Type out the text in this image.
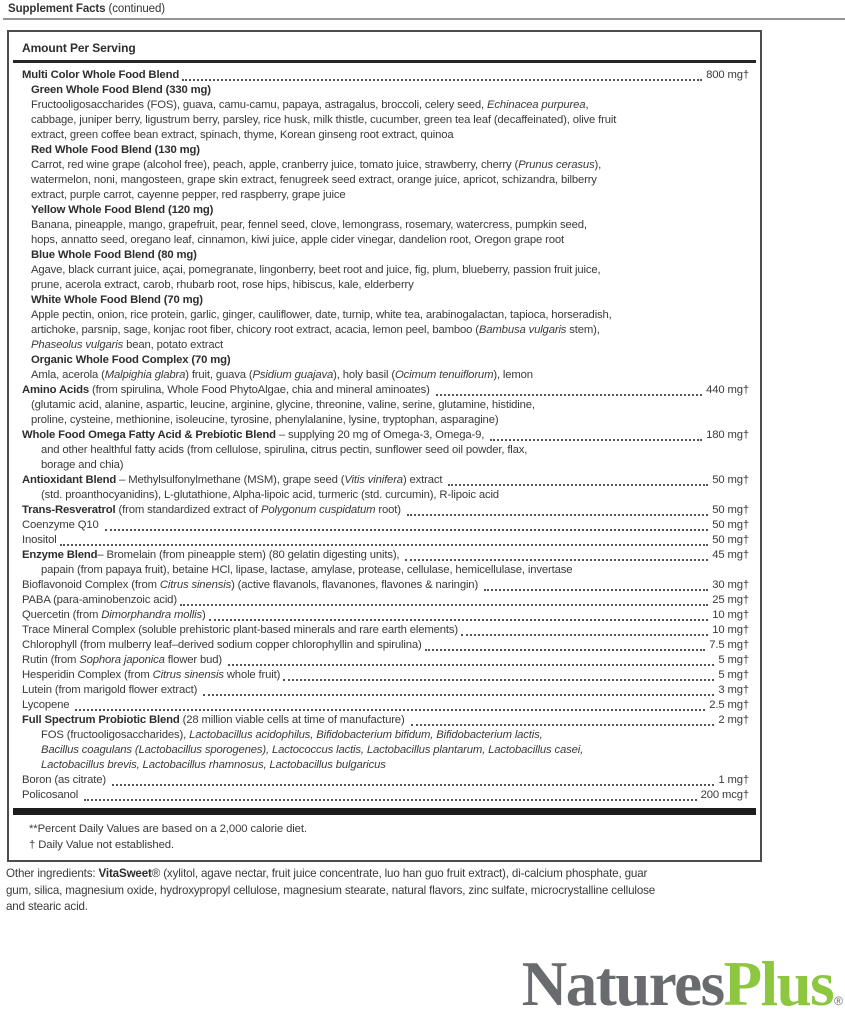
Supplement Facts (continued)
Amount Per Serving
Multi Color Whole Food Blend	800 mg†
Green Whole Food Blend (330 mg)
Fructooligosaccharides (FOS), guava, camu-camu, papaya, astragalus, broccoli, celery seed, Echinacea purpurea,
cabbage, juniper berry, ligustrum berry, parsley, rice husk, milk thistle, cucumber, green tea leaf (decaffeinated), olive fruit
extract, green coffee bean extract, spinach, thyme, Korean ginseng root extract, quinoa
Red Whole Food Blend (130 mg)
Carrot, red wine grape (alcohol free), peach, apple, cranberry juice, tomato juice, strawberry, cherry (Prunus cerasus),
watermelon, noni, mangosteen, grape skin extract, fenugreek seed extract, orange juice, apricot, schizandra, bilberry
extract, purple carrot, cayenne pepper, red raspberry, grape juice
Yellow Whole Food Blend (120 mg)
Banana, pineapple, mango, grapefruit, pear, fennel seed, clove, lemongrass, rosemary, watercress, pumpkin seed,
hops, annatto seed, oregano leaf, cinnamon, kiwi juice, apple cider vinegar, dandelion root, Oregon grape root
Blue Whole Food Blend (80 mg)
Agave, black currant juice, açai, pomegranate, lingonberry, beet root and juice, fig, plum, blueberry, passion fruit juice,
prune, acerola extract, carob, rhubarb root, rose hips, hibiscus, kale, elderberry
White Whole Food Blend (70 mg)
Apple pectin, onion, rice protein, garlic, ginger, cauliflower, date, turnip, white tea, arabinogalactan, tapioca, horseradish,
artichoke, parsnip, sage, konjac root fiber, chicory root extract, acacia, lemon peel, bamboo (Bambusa vulgaris stem),
Phaseolus vulgaris bean, potato extract
Organic Whole Food Complex (70 mg)
Amla, acerola (Malpighia glabra) fruit, guava (Psidium guajava), holy basil (Ocimum tenuiflorum), lemon
Amino Acids (from spirulina, Whole Food PhytoAlgae, chia and mineral aminoates)	440 mg†
(glutamic acid, alanine, aspartic, leucine, arginine, glycine, threonine, valine, serine, glutamine, histidine,
proline, cysteine, methionine, isoleucine, tyrosine, phenylalanine, lysine, tryptophan, asparagine)
Whole Food Omega Fatty Acid & Prebiotic Blend – supplying 20 mg of Omega-3, Omega-9,	180 mg†
and other healthful fatty acids (from cellulose, spirulina, citrus pectin, sunflower seed oil powder, flax,
borage and chia)
Antioxidant Blend – Methylsulfonylmethane (MSM), grape seed (Vitis vinifera) extract	50 mg†
(std. proanthocyanidins), L-glutathione, Alpha-lipoic acid, turmeric (std. curcumin), R-lipoic acid
Trans-Resveratrol (from standardized extract of Polygonum cuspidatum root)	50 mg†
Coenzyme Q10	50 mg†
Inositol	50 mg†
Enzyme Blend– Bromelain (from pineapple stem) (80 gelatin digesting units),	45 mg†
papain (from papaya fruit), betaine HCl, lipase, lactase, amylase, protease, cellulase, hemicellulase, invertase
Bioflavonoid Complex (from Citrus sinensis) (active flavanols, flavanones, flavones & naringin)	30 mg†
PABA (para-aminobenzoic acid)	25 mg†
Quercetin (from Dimorphandra mollis)	10 mg†
Trace Mineral Complex (soluble prehistoric plant-based minerals and rare earth elements)	10 mg†
Chlorophyll (from mulberry leaf–derived sodium copper chlorophyllin and spirulina)	7.5 mg†
Rutin (from Sophora japonica flower bud)	5 mg†
Hesperidin Complex (from Citrus sinensis whole fruit)	5 mg†
Lutein (from marigold flower extract)	3 mg†
Lycopene	2.5 mg†
Full Spectrum Probiotic Blend (28 million viable cells at time of manufacture)	2 mg†
FOS (fructooligosaccharides), Lactobacillus acidophilus, Bifidobacterium bifidum, Bifidobacterium lactis,
Bacillus coagulans (Lactobacillus sporogenes), Lactococcus lactis, Lactobacillus plantarum, Lactobacillus casei,
Lactobacillus brevis, Lactobacillus rhamnosus, Lactobacillus bulgaricus
Boron (as citrate)	1 mg†
Policosanol	200 mcg†
**Percent Daily Values are based on a 2,000 calorie diet.
† Daily Value not established.
Other ingredients: VitaSweet® (xylitol, agave nectar, fruit juice concentrate, luo han guo fruit extract), di-calcium phosphate, guar
gum, silica, magnesium oxide, hydroxypropyl cellulose, magnesium stearate, natural flavors, zinc sulfate, microcrystalline cellulose
and stearic acid.
NaturesPlus®
